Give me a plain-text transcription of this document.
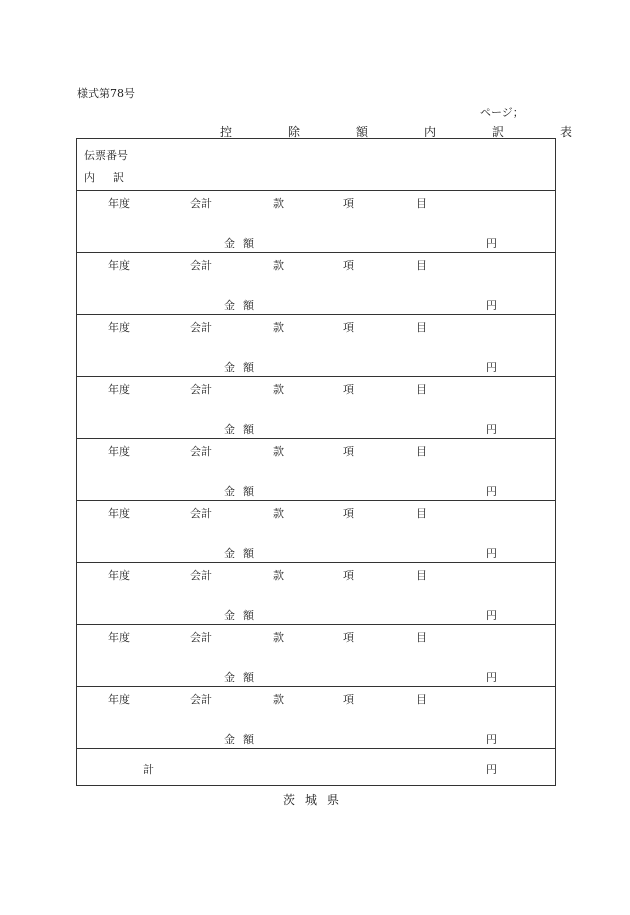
様式第78号
ページ；
控　除　額　内　訳　表
伝票番号
内訳
年度	会計	款	項	目
金額	円
年度	会計	款	項	目
金額	円
年度	会計	款	項	目
金額	円
年度	会計	款	項	目
金額	円
年度	会計	款	項	目
金額	円
年度	会計	款	項	目
金額	円
年度	会計	款	項	目
金額	円
年度	会計	款	項	目
金額	円
年度	会計	款	項	目
金額	円
計	円
茨城県
